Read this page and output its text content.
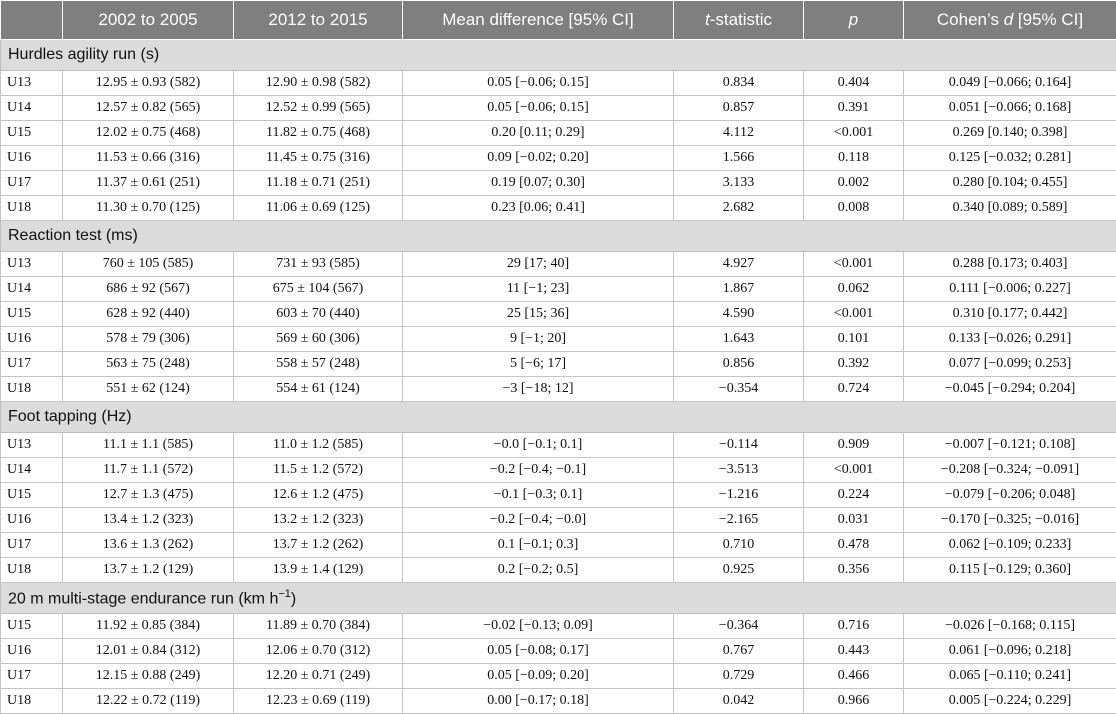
	2002 to 2005	2012 to 2015	Mean difference [95% CI]	t-statistic	p	Cohen’s d [95% CI]
Hurdles agility run (s)						
U13	12.95 ± 0.93 (582)	12.90 ± 0.98 (582)	0.05 [−0.06; 0.15]	0.834	0.404	0.049 [−0.066; 0.164]
U14	12.57 ± 0.82 (565)	12.52 ± 0.99 (565)	0.05 [−0.06; 0.15]	0.857	0.391	0.051 [−0.066; 0.168]
U15	12.02 ± 0.75 (468)	11.82 ± 0.75 (468)	0.20 [0.11; 0.29]	4.112	<0.001	0.269 [0.140; 0.398]
U16	11.53 ± 0.66 (316)	11.45 ± 0.75 (316)	0.09 [−0.02; 0.20]	1.566	0.118	0.125 [−0.032; 0.281]
U17	11.37 ± 0.61 (251)	11.18 ± 0.71 (251)	0.19 [0.07; 0.30]	3.133	0.002	0.280 [0.104; 0.455]
U18	11.30 ± 0.70 (125)	11.06 ± 0.69 (125)	0.23 [0.06; 0.41]	2.682	0.008	0.340 [0.089; 0.589]
Reaction test (ms)						
U13	760 ± 105 (585)	731 ± 93 (585)	29 [17; 40]	4.927	<0.001	0.288 [0.173; 0.403]
U14	686 ± 92 (567)	675 ± 104 (567)	11 [−1; 23]	1.867	0.062	0.111 [−0.006; 0.227]
U15	628 ± 92 (440)	603 ± 70 (440)	25 [15; 36]	4.590	<0.001	0.310 [0.177; 0.442]
U16	578 ± 79 (306)	569 ± 60 (306)	9 [−1; 20]	1.643	0.101	0.133 [−0.026; 0.291]
U17	563 ± 75 (248)	558 ± 57 (248)	5 [−6; 17]	0.856	0.392	0.077 [−0.099; 0.253]
U18	551 ± 62 (124)	554 ± 61 (124)	−3 [−18; 12]	−0.354	0.724	−0.045 [−0.294; 0.204]
Foot tapping (Hz)						
U13	11.1 ± 1.1 (585)	11.0 ± 1.2 (585)	−0.0 [−0.1; 0.1]	−0.114	0.909	−0.007 [−0.121; 0.108]
U14	11.7 ± 1.1 (572)	11.5 ± 1.2 (572)	−0.2 [−0.4; −0.1]	−3.513	<0.001	−0.208 [−0.324; −0.091]
U15	12.7 ± 1.3 (475)	12.6 ± 1.2 (475)	−0.1 [−0.3; 0.1]	−1.216	0.224	−0.079 [−0.206; 0.048]
U16	13.4 ± 1.2 (323)	13.2 ± 1.2 (323)	−0.2 [−0.4; −0.0]	−2.165	0.031	−0.170 [−0.325; −0.016]
U17	13.6 ± 1.3 (262)	13.7 ± 1.2 (262)	0.1 [−0.1; 0.3]	0.710	0.478	0.062 [−0.109; 0.233]
U18	13.7 ± 1.2 (129)	13.9 ± 1.4 (129)	0.2 [−0.2; 0.5]	0.925	0.356	0.115 [−0.129; 0.360]
20 m multi-stage endurance run (km $h^{-1}$)						
U15	11.92 ± 0.85 (384)	11.89 ± 0.70 (384)	−0.02 [−0.13; 0.09]	−0.364	0.716	−0.026 [−0.168; 0.115]
U16	12.01 ± 0.84 (312)	12.06 ± 0.70 (312)	0.05 [−0.08; 0.17]	0.767	0.443	0.061 [−0.096; 0.218]
U17	12.15 ± 0.88 (249)	12.20 ± 0.71 (249)	0.05 [−0.09; 0.20]	0.729	0.466	0.065 [−0.110; 0.241]
U18	12.22 ± 0.72 (119)	12.23 ± 0.69 (119)	0.00 [−0.17; 0.18]	0.042	0.966	0.005 [−0.224; 0.229]
